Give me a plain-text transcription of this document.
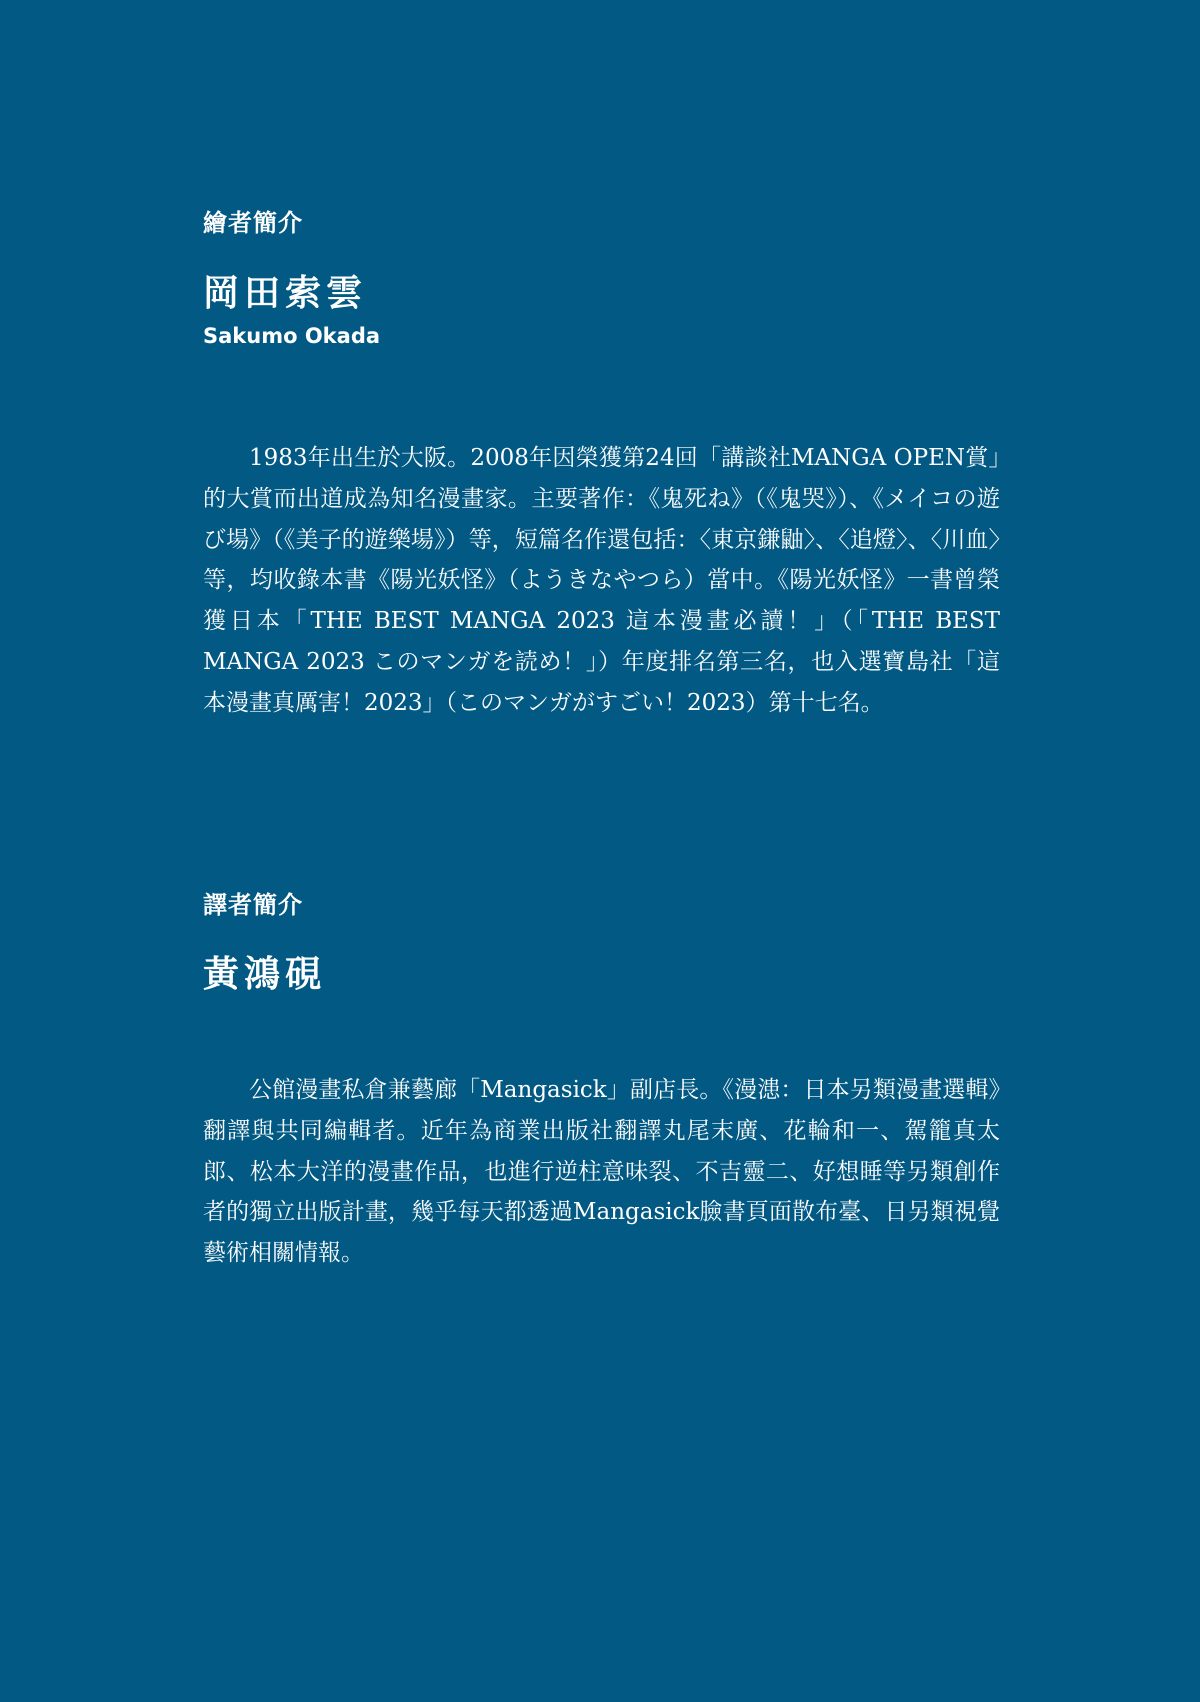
繪者簡介

岡田索雲

Sakumo Okada

1983年出生於大阪。2008年因榮獲第24回「講談社MANGA OPEN賞」的大賞而出道成為知名漫畫家。主要著作：《鬼死ね》（《鬼哭》）、《メイコの遊び場》（《美子的遊樂場》）等，短篇名作還包括：〈東京鎌鼬〉、〈追燈〉、〈川血〉等，均收錄本書《陽光妖怪》（ようきなやつら）當中。《陽光妖怪》一書曾榮獲日本「THE BEST MANGA 2023 這本漫畫必讀！」（「THE BEST MANGA 2023 このマンガを読め！」）年度排名第三名，也入選寶島社「這本漫畫真厲害！2023」（このマンガがすごい！2023）第十七名。

譯者簡介

黃鴻硯

公館漫畫私倉兼藝廊「Mangasick」副店長。《漫漶：日本另類漫畫選輯》翻譯與共同編輯者。近年為商業出版社翻譯丸尾末廣、花輪和一、駕籠真太郎、松本大洋的漫畫作品，也進行逆柱意味裂、不吉靈二、好想睡等另類創作者的獨立出版計畫，幾乎每天都透過Mangasick臉書頁面散布臺、日另類視覺藝術相關情報。
